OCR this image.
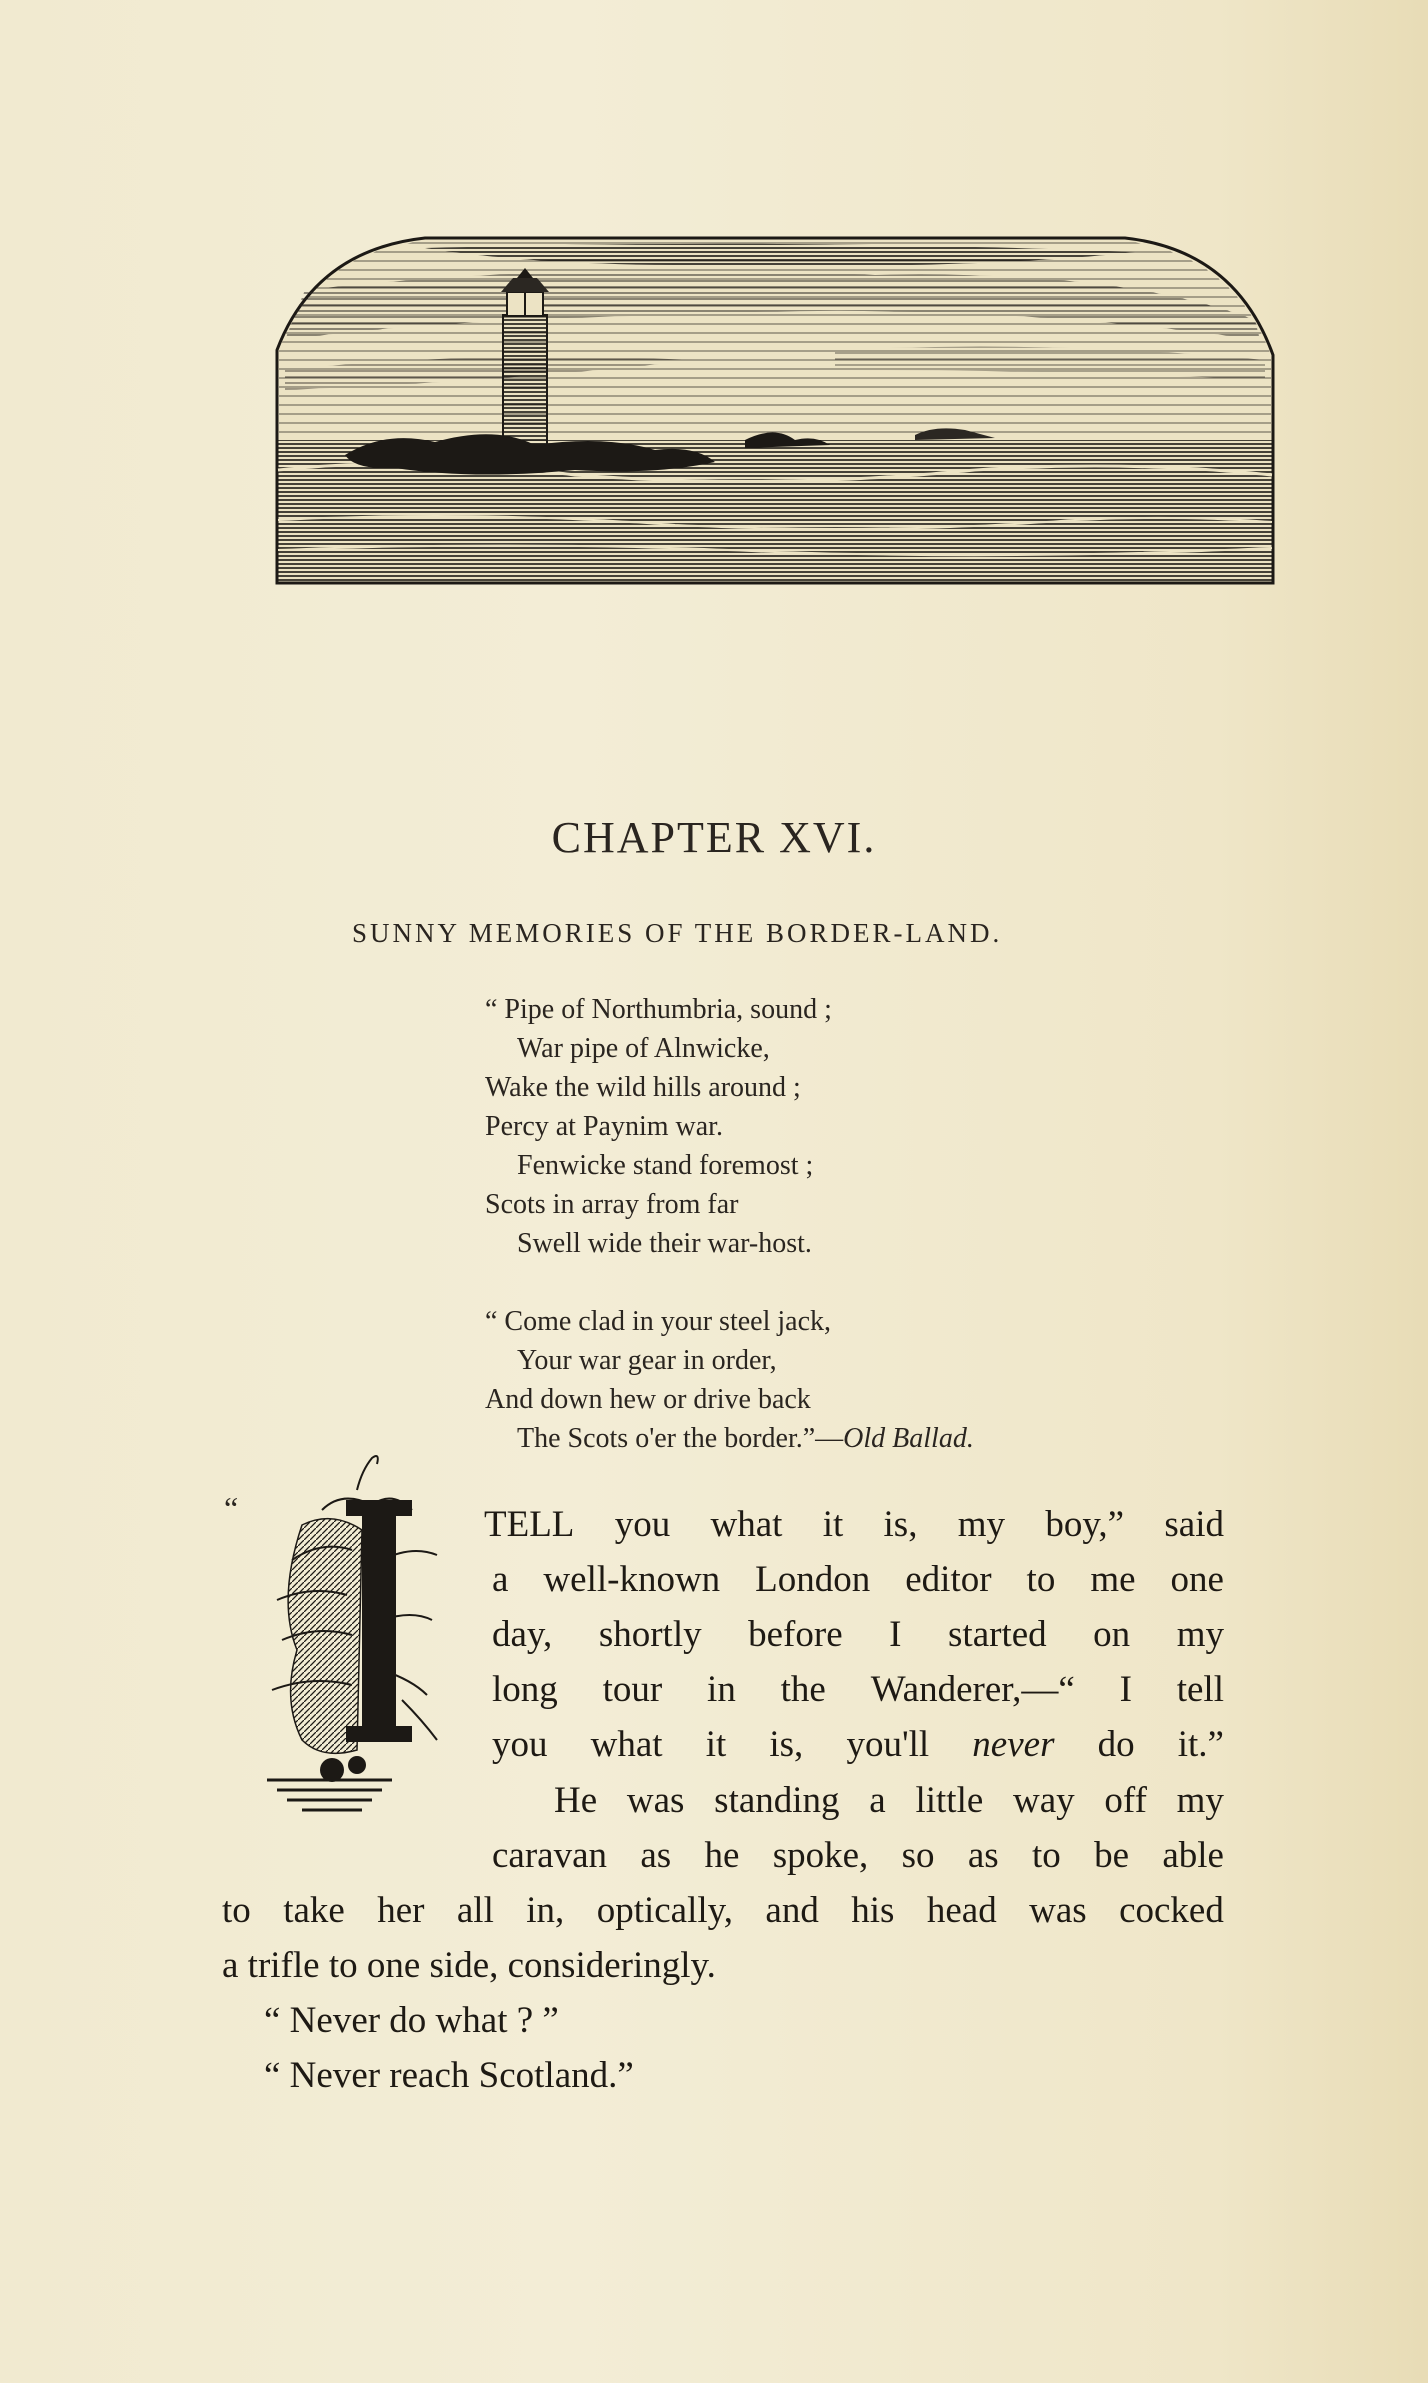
CHAPTER XVI.
SUNNY MEMORIES OF THE BORDER-LAND.
“ Pipe of Northumbria, sound ;
War pipe of Alnwicke,
Wake the wild hills around ;
Percy at Paynim war.
Fenwicke stand foremost ;
Scots in array from far
Swell wide their war-host.
“ Come clad in your steel jack,
Your war gear in order,
And down hew or drive back
The Scots o'er the border.”—Old Ballad.
“	TELL you what it is, my boy,” said
a well-known London editor to me one
day, shortly before I started on my
long tour in the Wanderer,—“ I tell
you what it is, you'll never do it.”
He was standing a little way off my
caravan as he spoke, so as to be able
to take her all in, optically, and his head was cocked
a trifle to one side, consideringly.
“ Never do what ? ”
“ Never reach Scotland.”
